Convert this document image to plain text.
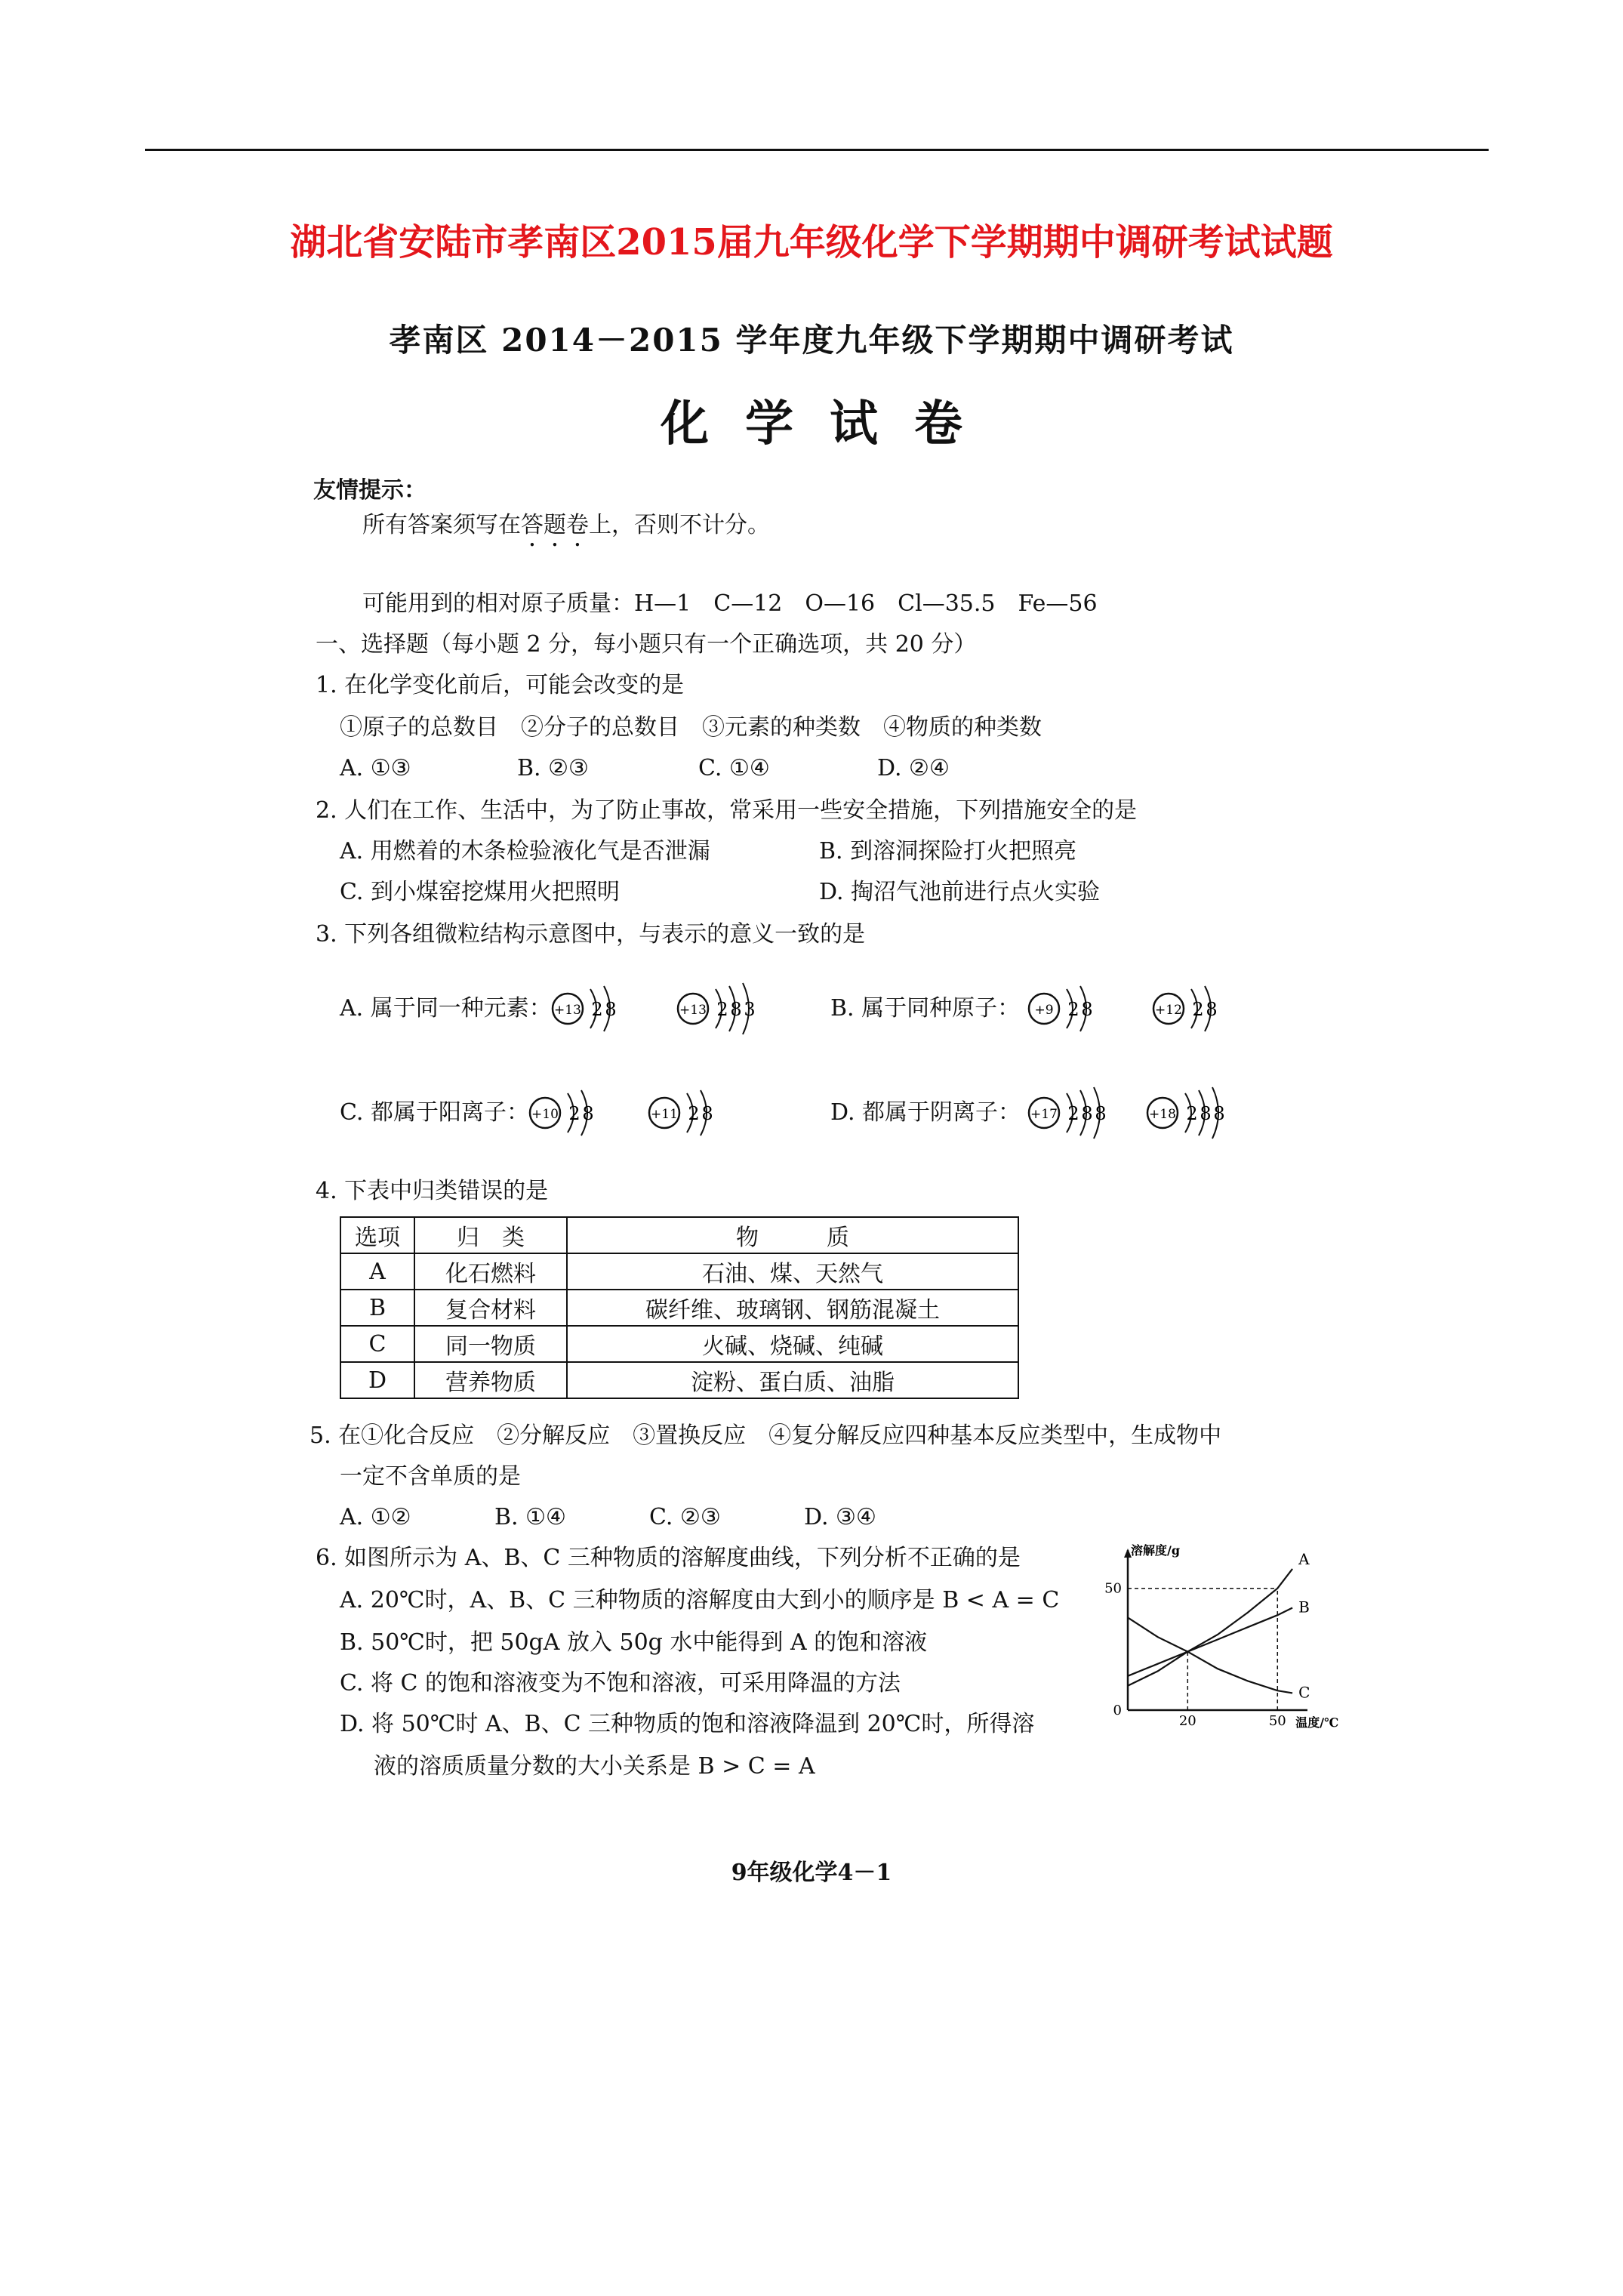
湖北省安陆市孝南区2015届九年级化学下学期期中调研考试试题
孝南区 2014－2015 学年度九年级下学期期中调研考试
化学试卷
友情提示：
所有答案须写在答题卷上，否则不计分。
可能用到的相对原子质量：H—1　C—12　O—16　Cl—35.5　Fe—56
一、选择题（每小题 2 分，每小题只有一个正确选项，共 20 分）
1. 在化学变化前后，可能会改变的是
①原子的总数目　②分子的总数目　③元素的种类数　④物质的种类数
A. ①③	B. ②③	C. ①④	D. ②④
2. 人们在工作、生活中，为了防止事故，常采用一些安全措施，下列措施安全的是
A. 用燃着的木条检验液化气是否泄漏	B. 到溶洞探险打火把照亮
C. 到小煤窑挖煤用火把照明	D. 掏沼气池前进行点火实验
3. 下列各组微粒结构示意图中，与表示的意义一致的是
A. 属于同一种元素：	B. 属于同种原子：
C. 都属于阳离子：	D. 都属于阴离子：
+13 2 8	+13 2 8 3	+9 2 8	+12 2 8
+10 2 8	+11 2 8	+17 2 8 8	+18 2 8 8
4. 下表中归类错误的是
选项	归　类	物　　　质
A	化石燃料	石油、煤、天然气
B	复合材料	碳纤维、玻璃钢、钢筋混凝土
C	同一物质	火碱、烧碱、纯碱
D	营养物质	淀粉、蛋白质、油脂
5. 在①化合反应　②分解反应　③置换反应　④复分解反应四种基本反应类型中，生成物中
一定不含单质的是
A. ①②	B. ①④	C. ②③	D. ③④
6. 如图所示为 A、B、C 三种物质的溶解度曲线，下列分析不正确的是
A. 20℃时，A、B、C 三种物质的溶解度由大到小的顺序是 B < A = C
B. 50℃时，把 50gA 放入 50g 水中能得到 A 的饱和溶液
C. 将 C 的饱和溶液变为不饱和溶液，可采用降温的方法
D. 将 50℃时 A、B、C 三种物质的饱和溶液降温到 20℃时，所得溶
液的溶质质量分数的大小关系是 B > C = A
A
B
C
溶解度/g
50
0
20	50 温度/℃
9年级化学4－1
